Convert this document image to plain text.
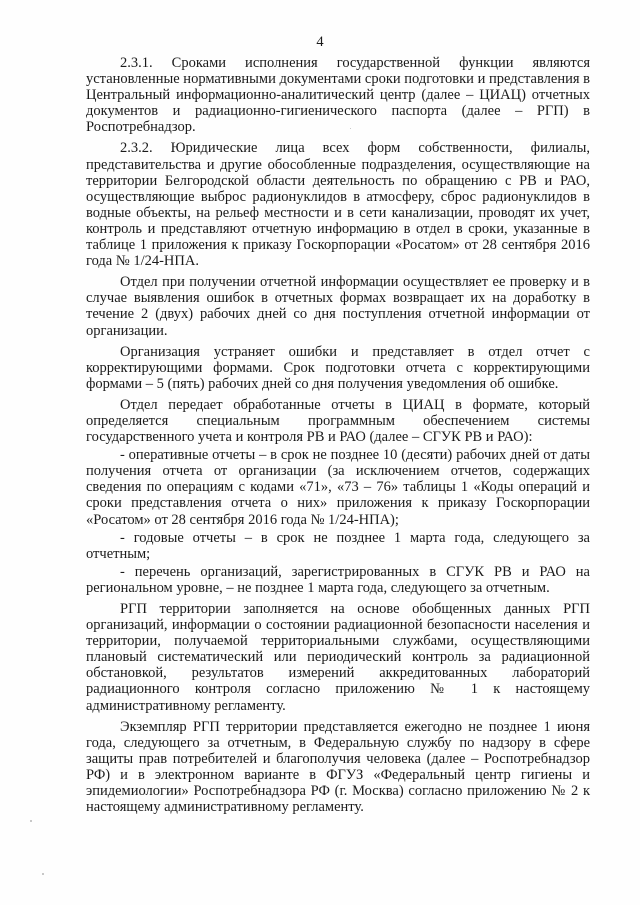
4

2.3.1. Сроками исполнения государственной функции являются установленные нормативными документами сроки подготовки и представления в Центральный информационно-аналитический центр (далее – ЦИАЦ) отчетных документов и радиационно-гигиенического паспорта (далее – РГП) в Роспотребнадзор.

2.3.2. Юридические лица всех форм собственности, филиалы, представительства и другие обособленные подразделения, осуществляющие на территории Белгородской области деятельность по обращению с РВ и РАО, осуществляющие выброс радионуклидов в атмосферу, сброс радионуклидов в водные объекты, на рельеф местности и в сети канализации, проводят их учет, контроль и представляют отчетную информацию в отдел в сроки, указанные в таблице 1 приложения к приказу Госкорпорации «Росатом» от 28 сентября 2016 года № 1/24-НПА.

Отдел при получении отчетной информации осуществляет ее проверку и в случае выявления ошибок в отчетных формах возвращает их на доработку в течение 2 (двух) рабочих дней со дня поступления отчетной информации от организации.

Организация устраняет ошибки и представляет в отдел отчет с корректирующими формами. Срок подготовки отчета с корректирующими формами – 5 (пять) рабочих дней со дня получения уведомления об ошибке.

Отдел передает обработанные отчеты в ЦИАЦ в формате, который определяется специальным программным обеспечением системы государственного учета и контроля РВ и РАО (далее – СГУК РВ и РАО):

- оперативные отчеты – в срок не позднее 10 (десяти) рабочих дней от даты получения отчета от организации (за исключением отчетов, содержащих сведения по операциям с кодами «71», «73 – 76» таблицы 1 «Коды операций и сроки представления отчета о них» приложения к приказу Госкорпорации «Росатом» от 28 сентября 2016 года № 1/24-НПА);

- годовые отчеты – в срок не позднее 1 марта года, следующего за отчетным;

- перечень организаций, зарегистрированных в СГУК РВ и РАО на региональном уровне, – не позднее 1 марта года, следующего за отчетным.

РГП территории заполняется на основе обобщенных данных РГП организаций, информации о состоянии радиационной безопасности населения и территории, получаемой территориальными службами, осуществляющими плановый систематический или периодический контроль за радиационной обстановкой, результатов измерений аккредитованных лабораторий радиационного контроля согласно приложению № 1 к настоящему административному регламенту.

Экземпляр РГП территории представляется ежегодно не позднее 1 июня года, следующего за отчетным, в Федеральную службу по надзору в сфере защиты прав потребителей и благополучия человека (далее – Роспотребнадзор РФ) и в электронном варианте в ФГУЗ «Федеральный центр гигиены и эпидемиологии» Роспотребнадзора РФ (г. Москва) согласно приложению № 2 к настоящему административному регламенту.
